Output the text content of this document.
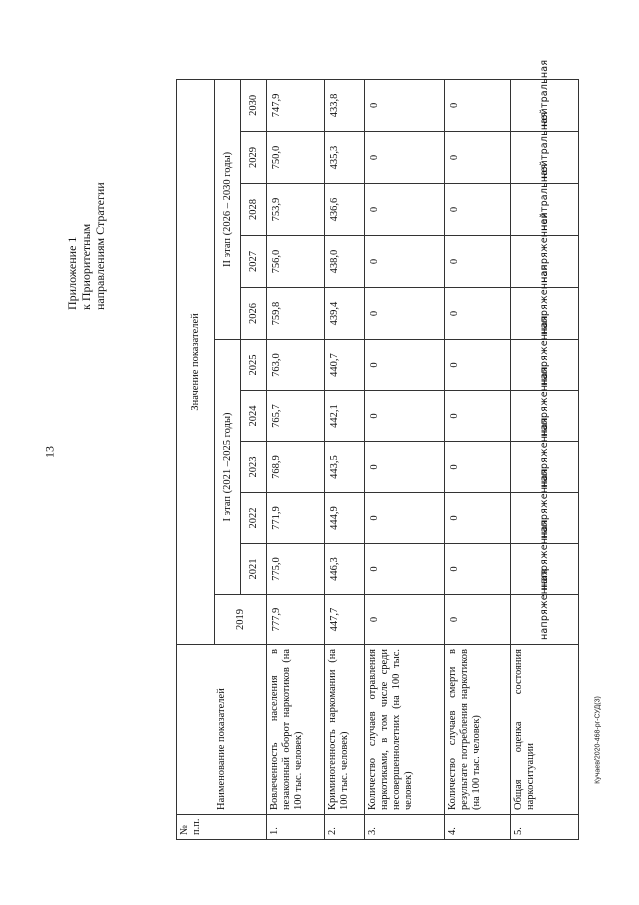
13
Приложение 1 к Приоритетным направлениям Стратегии
Кучаев/2020-468-рг-СУД(3)
№
п.п.	Наименование показателей	Значение показателей										
		2019	I этап (2021 –2025 годы)					II этап (2026 – 2030 годы)				
			2021	2022	2023	2024	2025	2026	2027	2028	2029	2030
1.	Вовлеченность населения в незаконный оборот наркотиков (на 100 тыс. человек)	777,9	775,0	771,9	768,9	765,7	763,0	759,8	756,0	753,9	750,0	747,9
2.	Криминогенность наркомании (на 100 тыс. человек)	447,7	446,3	444,9	443,5	442,1	440,7	439,4	438,0	436,6	435,3	433,8
3.	Количество случаев отравления наркотиками, в том числе среди несовершеннолетних (на 100 тыс. человек)	0	0	0	0	0	0	0	0	0	0	0
4.	Количество случаев смерти в результате потребления наркотиков (на 100 тыс. человек)	0	0	0	0	0	0	0	0	0	0	0
5.	Общая оценка состояния наркоситуации	напряженная	напряженная	напряженная	напряженная	напряженная	напряженная	напряженная	напряженная	нейтральная	нейтральная	нейтральная
